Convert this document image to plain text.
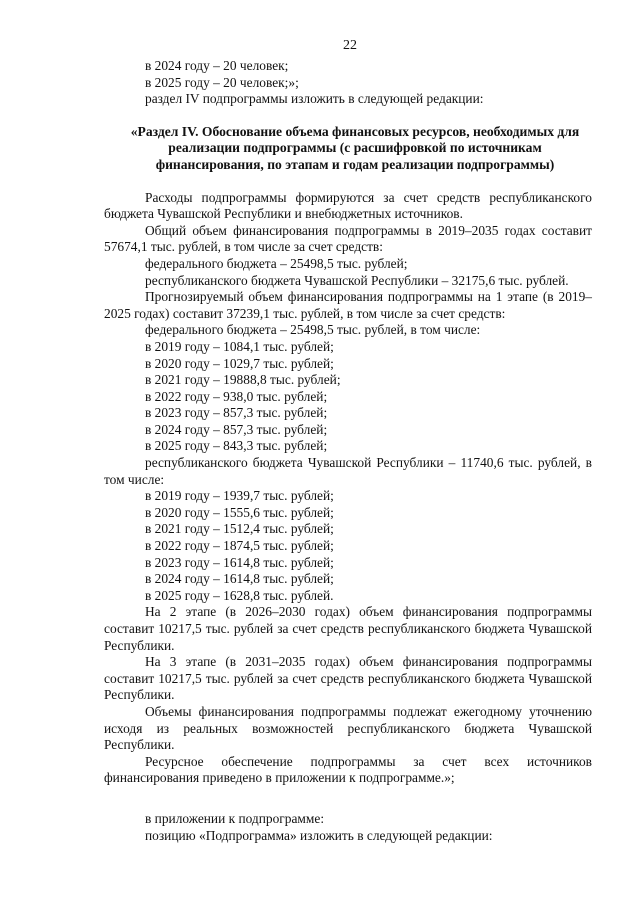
22

в 2024 году – 20 человек;

в 2025 году – 20 человек;»;

раздел IV подпрограммы изложить в следующей редакции:

«Раздел IV. Обоснование объема финансовых ресурсов, необходимых для реализации подпрограммы (с расшифровкой по источникам финансирования, по этапам и годам реализации подпрограммы)

Расходы подпрограммы формируются за счет средств республиканского бюджета Чувашской Республики и внебюджетных источников.

Общий объем финансирования подпрограммы в 2019–2035 годах составит 57674,1 тыс. рублей, в том числе за счет средств:

федерального бюджета – 25498,5 тыс. рублей;

республиканского бюджета Чувашской Республики – 32175,6 тыс. рублей.

Прогнозируемый объем финансирования подпрограммы на 1 этапе (в 2019–2025 годах) составит 37239,1 тыс. рублей, в том числе за счет средств:

федерального бюджета – 25498,5 тыс. рублей, в том числе:

в 2019 году – 1084,1 тыс. рублей;

в 2020 году – 1029,7 тыс. рублей;

в 2021 году – 19888,8 тыс. рублей;

в 2022 году – 938,0 тыс. рублей;

в 2023 году – 857,3 тыс. рублей;

в 2024 году – 857,3 тыс. рублей;

в 2025 году – 843,3 тыс. рублей;

республиканского бюджета Чувашской Республики – 11740,6 тыс. рублей, в том числе:

в 2019 году – 1939,7 тыс. рублей;

в 2020 году – 1555,6 тыс. рублей;

в 2021 году – 1512,4 тыс. рублей;

в 2022 году – 1874,5 тыс. рублей;

в 2023 году – 1614,8 тыс. рублей;

в 2024 году – 1614,8 тыс. рублей;

в 2025 году – 1628,8 тыс. рублей.

На 2 этапе (в 2026–2030 годах) объем финансирования подпрограммы составит 10217,5 тыс. рублей за счет средств республиканского бюджета Чувашской Республики.

На 3 этапе (в 2031–2035 годах) объем финансирования подпрограммы составит 10217,5 тыс. рублей за счет средств республиканского бюджета Чувашской Республики.

Объемы финансирования подпрограммы подлежат ежегодному уточнению исходя из реальных возможностей республиканского бюджета Чувашской Республики.

Ресурсное обеспечение подпрограммы за счет всех источников финансирования приведено в приложении к подпрограмме.»;

в приложении к подпрограмме:

позицию «Подпрограмма» изложить в следующей редакции:
